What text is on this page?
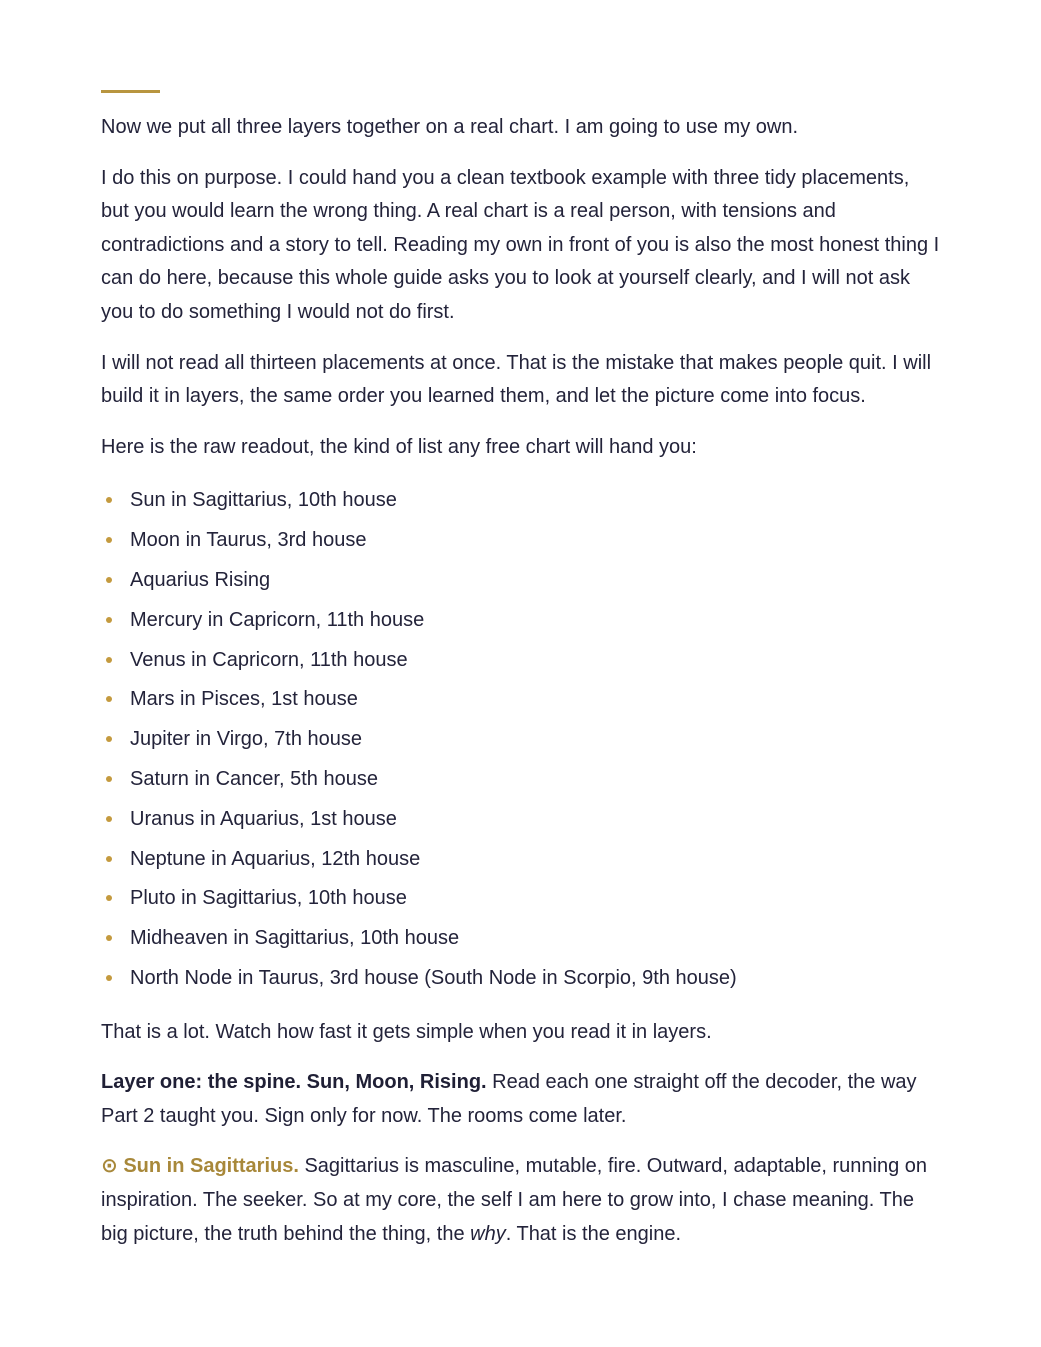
Now we put all three layers together on a real chart. I am going to use my own.

I do this on purpose. I could hand you a clean textbook example with three tidy placements, but you would learn the wrong thing. A real chart is a real person, with tensions and contradictions and a story to tell. Reading my own in front of you is also the most honest thing I can do here, because this whole guide asks you to look at yourself clearly, and I will not ask you to do something I would not do first.

I will not read all thirteen placements at once. That is the mistake that makes people quit. I will build it in layers, the same order you learned them, and let the picture come into focus.

Here is the raw readout, the kind of list any free chart will hand you:

Sun in Sagittarius, 10th house
Moon in Taurus, 3rd house
Aquarius Rising
Mercury in Capricorn, 11th house
Venus in Capricorn, 11th house
Mars in Pisces, 1st house
Jupiter in Virgo, 7th house
Saturn in Cancer, 5th house
Uranus in Aquarius, 1st house
Neptune in Aquarius, 12th house
Pluto in Sagittarius, 10th house
Midheaven in Sagittarius, 10th house
North Node in Taurus, 3rd house (South Node in Scorpio, 9th house)

That is a lot. Watch how fast it gets simple when you read it in layers.

Layer one: the spine. Sun, Moon, Rising. Read each one straight off the decoder, the way Part 2 taught you. Sign only for now. The rooms come later.

⊙ Sun in Sagittarius. Sagittarius is masculine, mutable, fire. Outward, adaptable, running on inspiration. The seeker. So at my core, the self I am here to grow into, I chase meaning. The big picture, the truth behind the thing, the why. That is the engine.
